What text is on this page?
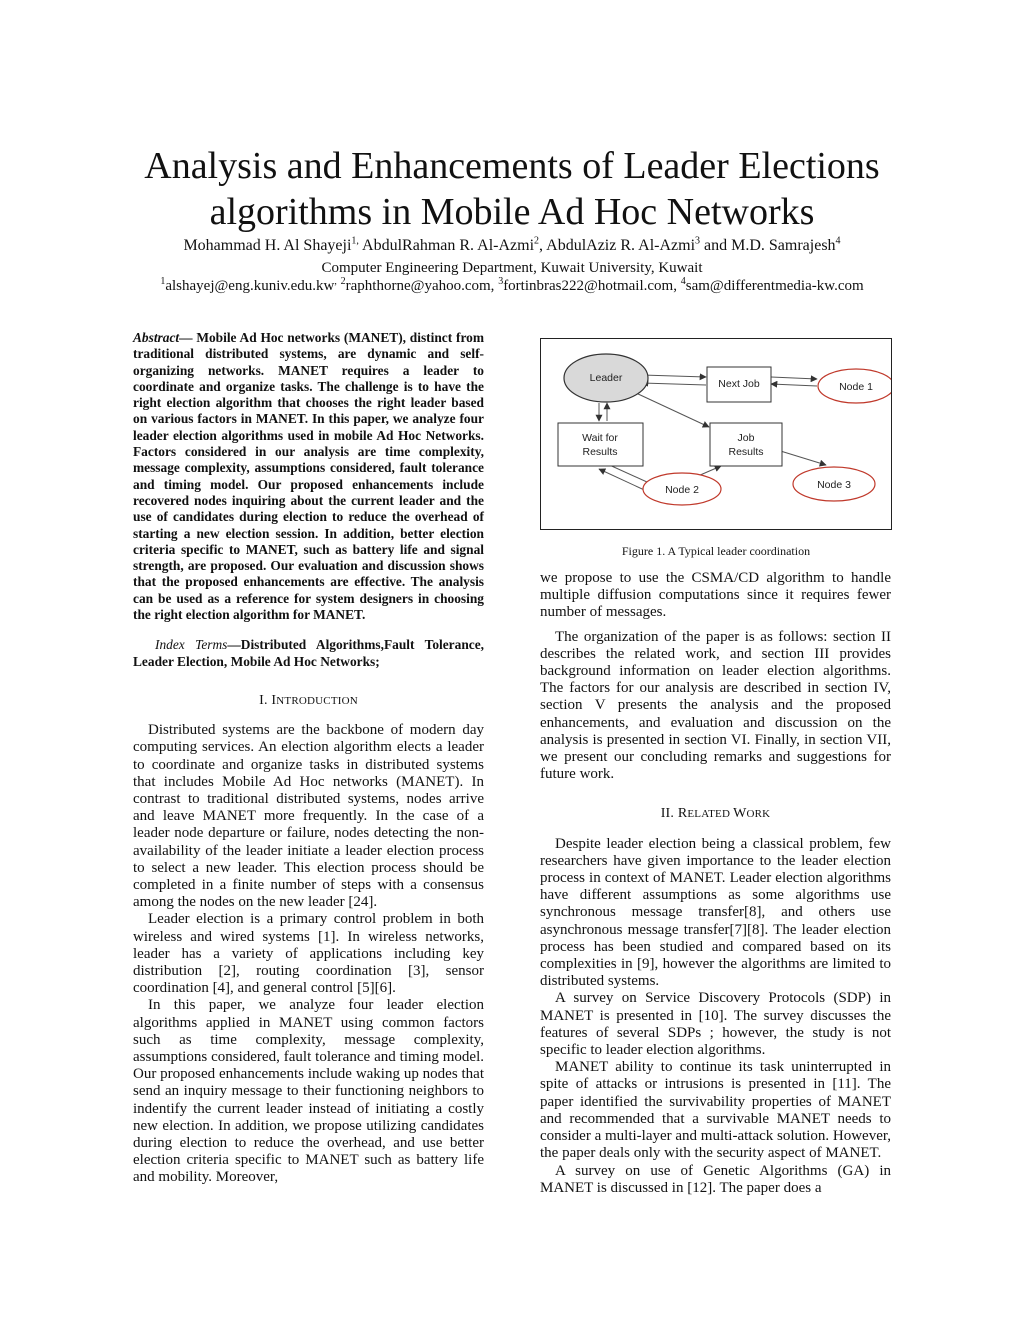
Analysis and Enhancements of Leader Elections
algorithms in Mobile Ad Hoc Networks
Mohammad H. Al Shayeji$^{1,}$ AbdulRahman R. Al-Azmi$^2$, AbdulAziz R. Al-Azmi$^3$ and M.D. Samrajesh$^4$
Computer Engineering Department, Kuwait University, Kuwait
$^1$alshayej@eng.kuniv.edu.kw, $^2$raphthorne@yahoo.com, $^3$fortinbras222@hotmail.com, $^4$sam@differentmedia-kw.com
Abstract— Mobile Ad Hoc networks (MANET), distinct from traditional distributed systems, are dynamic and self-organizing networks. MANET requires a leader to coordinate and organize tasks. The challenge is to have the right election algorithm that chooses the right leader based on various factors in MANET. In this paper, we analyze four leader election algorithms used in mobile Ad Hoc Networks. Factors considered in our analysis are time complexity, message complexity, assumptions considered, fault tolerance and timing model. Our proposed enhancements include recovered nodes inquiring about the current leader and the use of candidates during election to reduce the overhead of starting a new election session. In addition, better election criteria specific to MANET, such as battery life and signal strength, are proposed. Our evaluation and discussion shows that the proposed enhancements are effective. The analysis can be used as a reference for system designers in choosing the right election algorithm for MANET.
Index Terms—Distributed Algorithms,Fault Tolerance, Leader Election, Mobile Ad Hoc Networks;
I. INTRODUCTION

Distributed systems are the backbone of modern day computing services. An election algorithm elects a leader to coordinate and organize tasks in distributed systems that includes Mobile Ad Hoc networks (MANET). In contrast to traditional distributed systems, nodes arrive and leave MANET more frequently. In the case of a leader node departure or failure, nodes detecting the non-availability of the leader initiate a leader election process to select a new leader. This election process should be completed in a finite number of steps with a consensus among the nodes on the new leader [24].

Leader election is a primary control problem in both wireless and wired systems [1]. In wireless networks, leader has a variety of applications including key distribution [2], routing coordination [3], sensor coordination [4], and general control [5][6].

In this paper, we analyze four leader election algorithms applied in MANET using common factors such as time complexity, message complexity, assumptions considered, fault tolerance and timing model. Our proposed enhancements include waking up nodes that send an inquiry message to their functioning neighbors to indentify the current leader instead of initiating a costly new election. In addition, we propose utilizing candidates during election to reduce the overhead, and use better election criteria specific to MANET such as battery life and mobility. Moreover,

Leader	Next Job	Node 1
Wait for
Results
Job
Results
Node 2	Node 3
Figure 1. A Typical leader coordination

we propose to use the CSMA/CD algorithm to handle multiple diffusion computations since it requires fewer number of messages.

The organization of the paper is as follows: section II describes the related work, and section III provides background information on leader election algorithms. The factors for our analysis are described in section IV, section V presents the analysis and the proposed enhancements, and evaluation and discussion on the analysis is presented in section VI. Finally, in section VII, we present our concluding remarks and suggestions for future work.

II. RELATED WORK

Despite leader election being a classical problem, few researchers have given importance to the leader election process in context of MANET. Leader election algorithms have different assumptions as some algorithms use synchronous message transfer[8], and others use asynchronous message transfer[7][8]. The leader election process has been studied and compared based on its complexities in [9], however the algorithms are limited to distributed systems.

A survey on Service Discovery Protocols (SDP) in MANET is presented in [10]. The survey discusses the features of several SDPs ; however, the study is not specific to leader election algorithms.

MANET ability to continue its task uninterrupted in spite of attacks or intrusions is presented in [11]. The paper identified the survivability properties of MANET and recommended that a survivable MANET needs to consider a multi-layer and multi-attack solution. However, the paper deals only with the security aspect of MANET.

A survey on use of Genetic Algorithms (GA) in MANET is discussed in [12]. The paper does a
